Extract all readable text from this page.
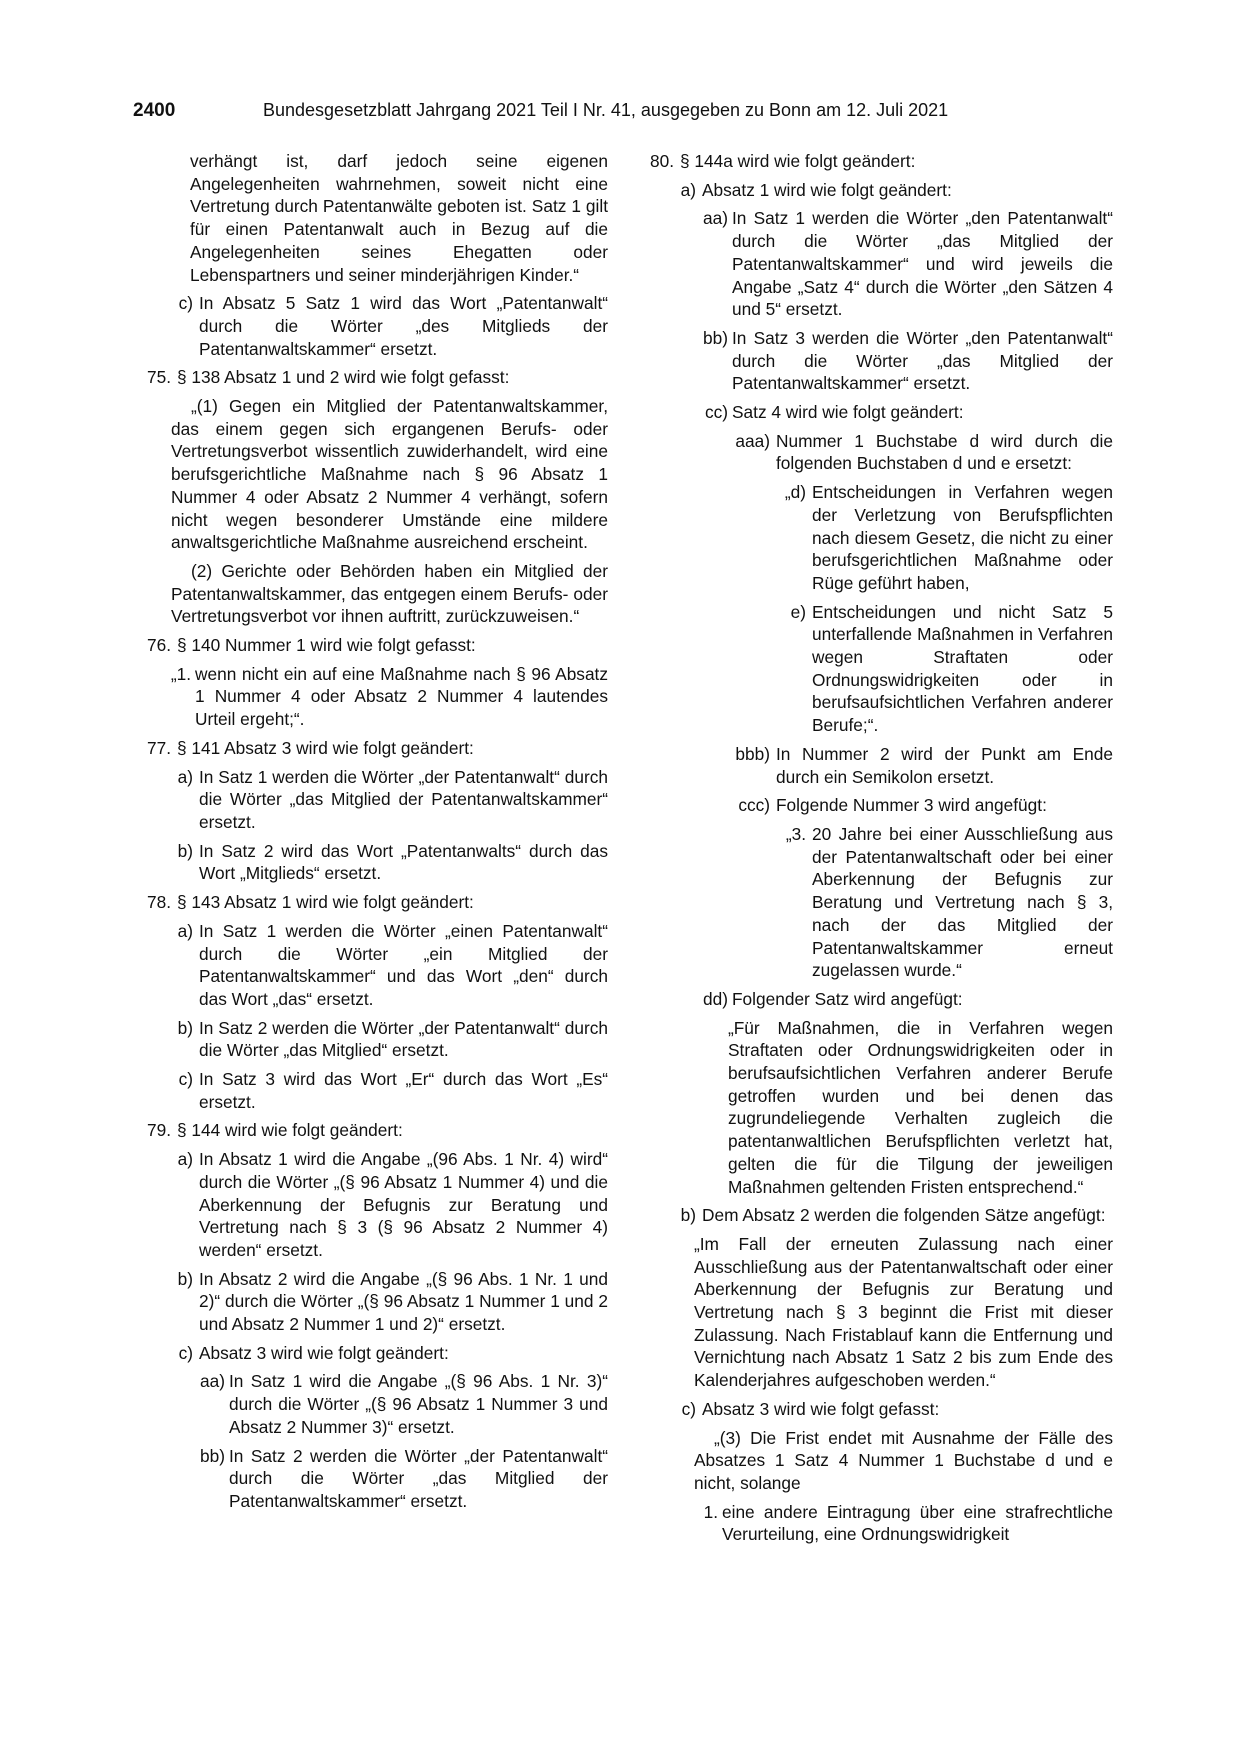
2400	Bundesgesetzblatt Jahrgang 2021 Teil I Nr. 41, ausgegeben zu Bonn am 12. Juli 2021
verhängt ist, darf jedoch seine eigenen Angelegenheiten wahrnehmen, soweit nicht eine Vertretung durch Patentanwälte geboten ist. Satz 1 gilt für einen Patentanwalt auch in Bezug auf die Angelegenheiten seines Ehegatten oder Lebenspartners und seiner minderjährigen Kinder.“
c) In Absatz 5 Satz 1 wird das Wort „Patentanwalt“ durch die Wörter „des Mitglieds der Patentanwaltskammer“ ersetzt.
75. § 138 Absatz 1 und 2 wird wie folgt gefasst:
„(1) Gegen ein Mitglied der Patentanwaltskammer, das einem gegen sich ergangenen Berufs- oder Vertretungsverbot wissentlich zuwiderhandelt, wird eine berufsgerichtliche Maßnahme nach § 96 Absatz 1 Nummer 4 oder Absatz 2 Nummer 4 verhängt, sofern nicht wegen besonderer Umstände eine mildere anwaltsgerichtliche Maßnahme ausreichend erscheint.
(2) Gerichte oder Behörden haben ein Mitglied der Patentanwaltskammer, das entgegen einem Berufs- oder Vertretungsverbot vor ihnen auftritt, zurückzuweisen.“
76. § 140 Nummer 1 wird wie folgt gefasst:
„1. wenn nicht ein auf eine Maßnahme nach § 96 Absatz 1 Nummer 4 oder Absatz 2 Nummer 4 lautendes Urteil ergeht;“.
77. § 141 Absatz 3 wird wie folgt geändert:
a) In Satz 1 werden die Wörter „der Patentanwalt“ durch die Wörter „das Mitglied der Patentanwaltskammer“ ersetzt.
b) In Satz 2 wird das Wort „Patentanwalts“ durch das Wort „Mitglieds“ ersetzt.
78. § 143 Absatz 1 wird wie folgt geändert:
a) In Satz 1 werden die Wörter „einen Patentanwalt“ durch die Wörter „ein Mitglied der Patentanwaltskammer“ und das Wort „den“ durch das Wort „das“ ersetzt.
b) In Satz 2 werden die Wörter „der Patentanwalt“ durch die Wörter „das Mitglied“ ersetzt.
c) In Satz 3 wird das Wort „Er“ durch das Wort „Es“ ersetzt.
79. § 144 wird wie folgt geändert:
a) In Absatz 1 wird die Angabe „(96 Abs. 1 Nr. 4) wird“ durch die Wörter „(§ 96 Absatz 1 Nummer 4) und die Aberkennung der Befugnis zur Beratung und Vertretung nach § 3 (§ 96 Absatz 2 Nummer 4) werden“ ersetzt.
b) In Absatz 2 wird die Angabe „(§ 96 Abs. 1 Nr. 1 und 2)“ durch die Wörter „(§ 96 Absatz 1 Nummer 1 und 2 und Absatz 2 Nummer 1 und 2)“ ersetzt.
c) Absatz 3 wird wie folgt geändert:
aa) In Satz 1 wird die Angabe „(§ 96 Abs. 1 Nr. 3)“ durch die Wörter „(§ 96 Absatz 1 Nummer 3 und Absatz 2 Nummer 3)“ ersetzt.
bb) In Satz 2 werden die Wörter „der Patentanwalt“ durch die Wörter „das Mitglied der Patentanwaltskammer“ ersetzt.
80. § 144a wird wie folgt geändert:
a) Absatz 1 wird wie folgt geändert:
aa) In Satz 1 werden die Wörter „den Patentanwalt“ durch die Wörter „das Mitglied der Patentanwaltskammer“ und wird jeweils die Angabe „Satz 4“ durch die Wörter „den Sätzen 4 und 5“ ersetzt.
bb) In Satz 3 werden die Wörter „den Patentanwalt“ durch die Wörter „das Mitglied der Patentanwaltskammer“ ersetzt.
cc) Satz 4 wird wie folgt geändert:
aaa) Nummer 1 Buchstabe d wird durch die folgenden Buchstaben d und e ersetzt:
„d) Entscheidungen in Verfahren wegen der Verletzung von Berufspflichten nach diesem Gesetz, die nicht zu einer berufsgerichtlichen Maßnahme oder Rüge geführt haben,
e) Entscheidungen und nicht Satz 5 unterfallende Maßnahmen in Verfahren wegen Straftaten oder Ordnungswidrigkeiten oder in berufsaufsichtlichen Verfahren anderer Berufe;“.
bbb) In Nummer 2 wird der Punkt am Ende durch ein Semikolon ersetzt.
ccc) Folgende Nummer 3 wird angefügt:
„3. 20 Jahre bei einer Ausschließung aus der Patentanwaltschaft oder bei einer Aberkennung der Befugnis zur Beratung und Vertretung nach § 3, nach der das Mitglied der Patentanwaltskammer erneut zugelassen wurde.“
dd) Folgender Satz wird angefügt:
„Für Maßnahmen, die in Verfahren wegen Straftaten oder Ordnungswidrigkeiten oder in berufsaufsichtlichen Verfahren anderer Berufe getroffen wurden und bei denen das zugrundeliegende Verhalten zugleich die patentanwaltlichen Berufspflichten verletzt hat, gelten die für die Tilgung der jeweiligen Maßnahmen geltenden Fristen entsprechend.“
b) Dem Absatz 2 werden die folgenden Sätze angefügt:
„Im Fall der erneuten Zulassung nach einer Ausschließung aus der Patentanwaltschaft oder einer Aberkennung der Befugnis zur Beratung und Vertretung nach § 3 beginnt die Frist mit dieser Zulassung. Nach Fristablauf kann die Entfernung und Vernichtung nach Absatz 1 Satz 2 bis zum Ende des Kalenderjahres aufgeschoben werden.“
c) Absatz 3 wird wie folgt gefasst:
„(3) Die Frist endet mit Ausnahme der Fälle des Absatzes 1 Satz 4 Nummer 1 Buchstabe d und e nicht, solange
1. eine andere Eintragung über eine strafrechtliche Verurteilung, eine Ordnungswidrigkeit
